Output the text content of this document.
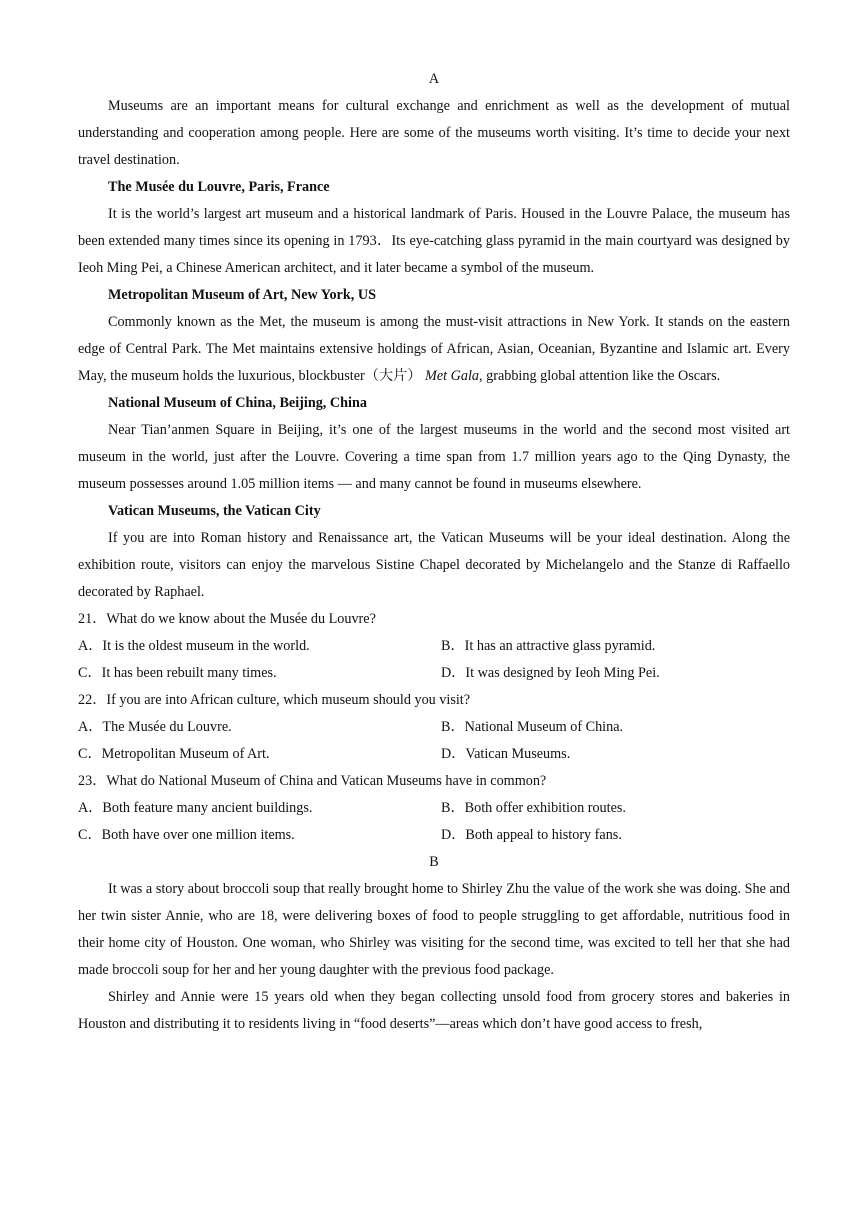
A
Museums are an important means for cultural exchange and enrichment as well as the development of mutual understanding and cooperation among people. Here are some of the museums worth visiting. It’s time to decide your next travel destination.
The Musée du Louvre, Paris, France
It is the world’s largest art museum and a historical landmark of Paris. Housed in the Louvre Palace, the museum has been extended many times since its opening in 1793．Its eye-catching glass pyramid in the main courtyard was designed by Ieoh Ming Pei, a Chinese American architect, and it later became a symbol of the museum.
Metropolitan Museum of Art, New York, US
Commonly known as the Met, the museum is among the must-visit attractions in New York. It stands on the eastern edge of Central Park. The Met maintains extensive holdings of African, Asian, Oceanian, Byzantine and Islamic art. Every May, the museum holds the luxurious, blockbuster（大片） Met Gala, grabbing global attention like the Oscars.
National Museum of China, Beijing, China
Near Tian’anmen Square in Beijing, it’s one of the largest museums in the world and the second most visited art museum in the world, just after the Louvre. Covering a time span from 1.7 million years ago to the Qing Dynasty, the museum possesses around 1.05 million items — and many cannot be found in museums elsewhere.
Vatican Museums, the Vatican City
If you are into Roman history and Renaissance art, the Vatican Museums will be your ideal destination. Along the exhibition route, visitors can enjoy the marvelous Sistine Chapel decorated by Michelangelo and the Stanze di Raffaello decorated by Raphael.
21．What do we know about the Musée du Louvre?
A．It is the oldest museum in the world.	B．It has an attractive glass pyramid.
C．It has been rebuilt many times.	D．It was designed by Ieoh Ming Pei.
22．If you are into African culture, which museum should you visit?
A．The Musée du Louvre.	B．National Museum of China.
C．Metropolitan Museum of Art.	D．Vatican Museums.
23．What do National Museum of China and Vatican Museums have in common?
A．Both feature many ancient buildings.	B．Both offer exhibition routes.
C．Both have over one million items.	D．Both appeal to history fans.
B
It was a story about broccoli soup that really brought home to Shirley Zhu the value of the work she was doing. She and her twin sister Annie, who are 18, were delivering boxes of food to people struggling to get affordable, nutritious food in their home city of Houston. One woman, who Shirley was visiting for the second time, was excited to tell her that she had made broccoli soup for her and her young daughter with the previous food package.
Shirley and Annie were 15 years old when they began collecting unsold food from grocery stores and bakeries in Houston and distributing it to residents living in “food deserts”—areas which don’t have good access to fresh,
